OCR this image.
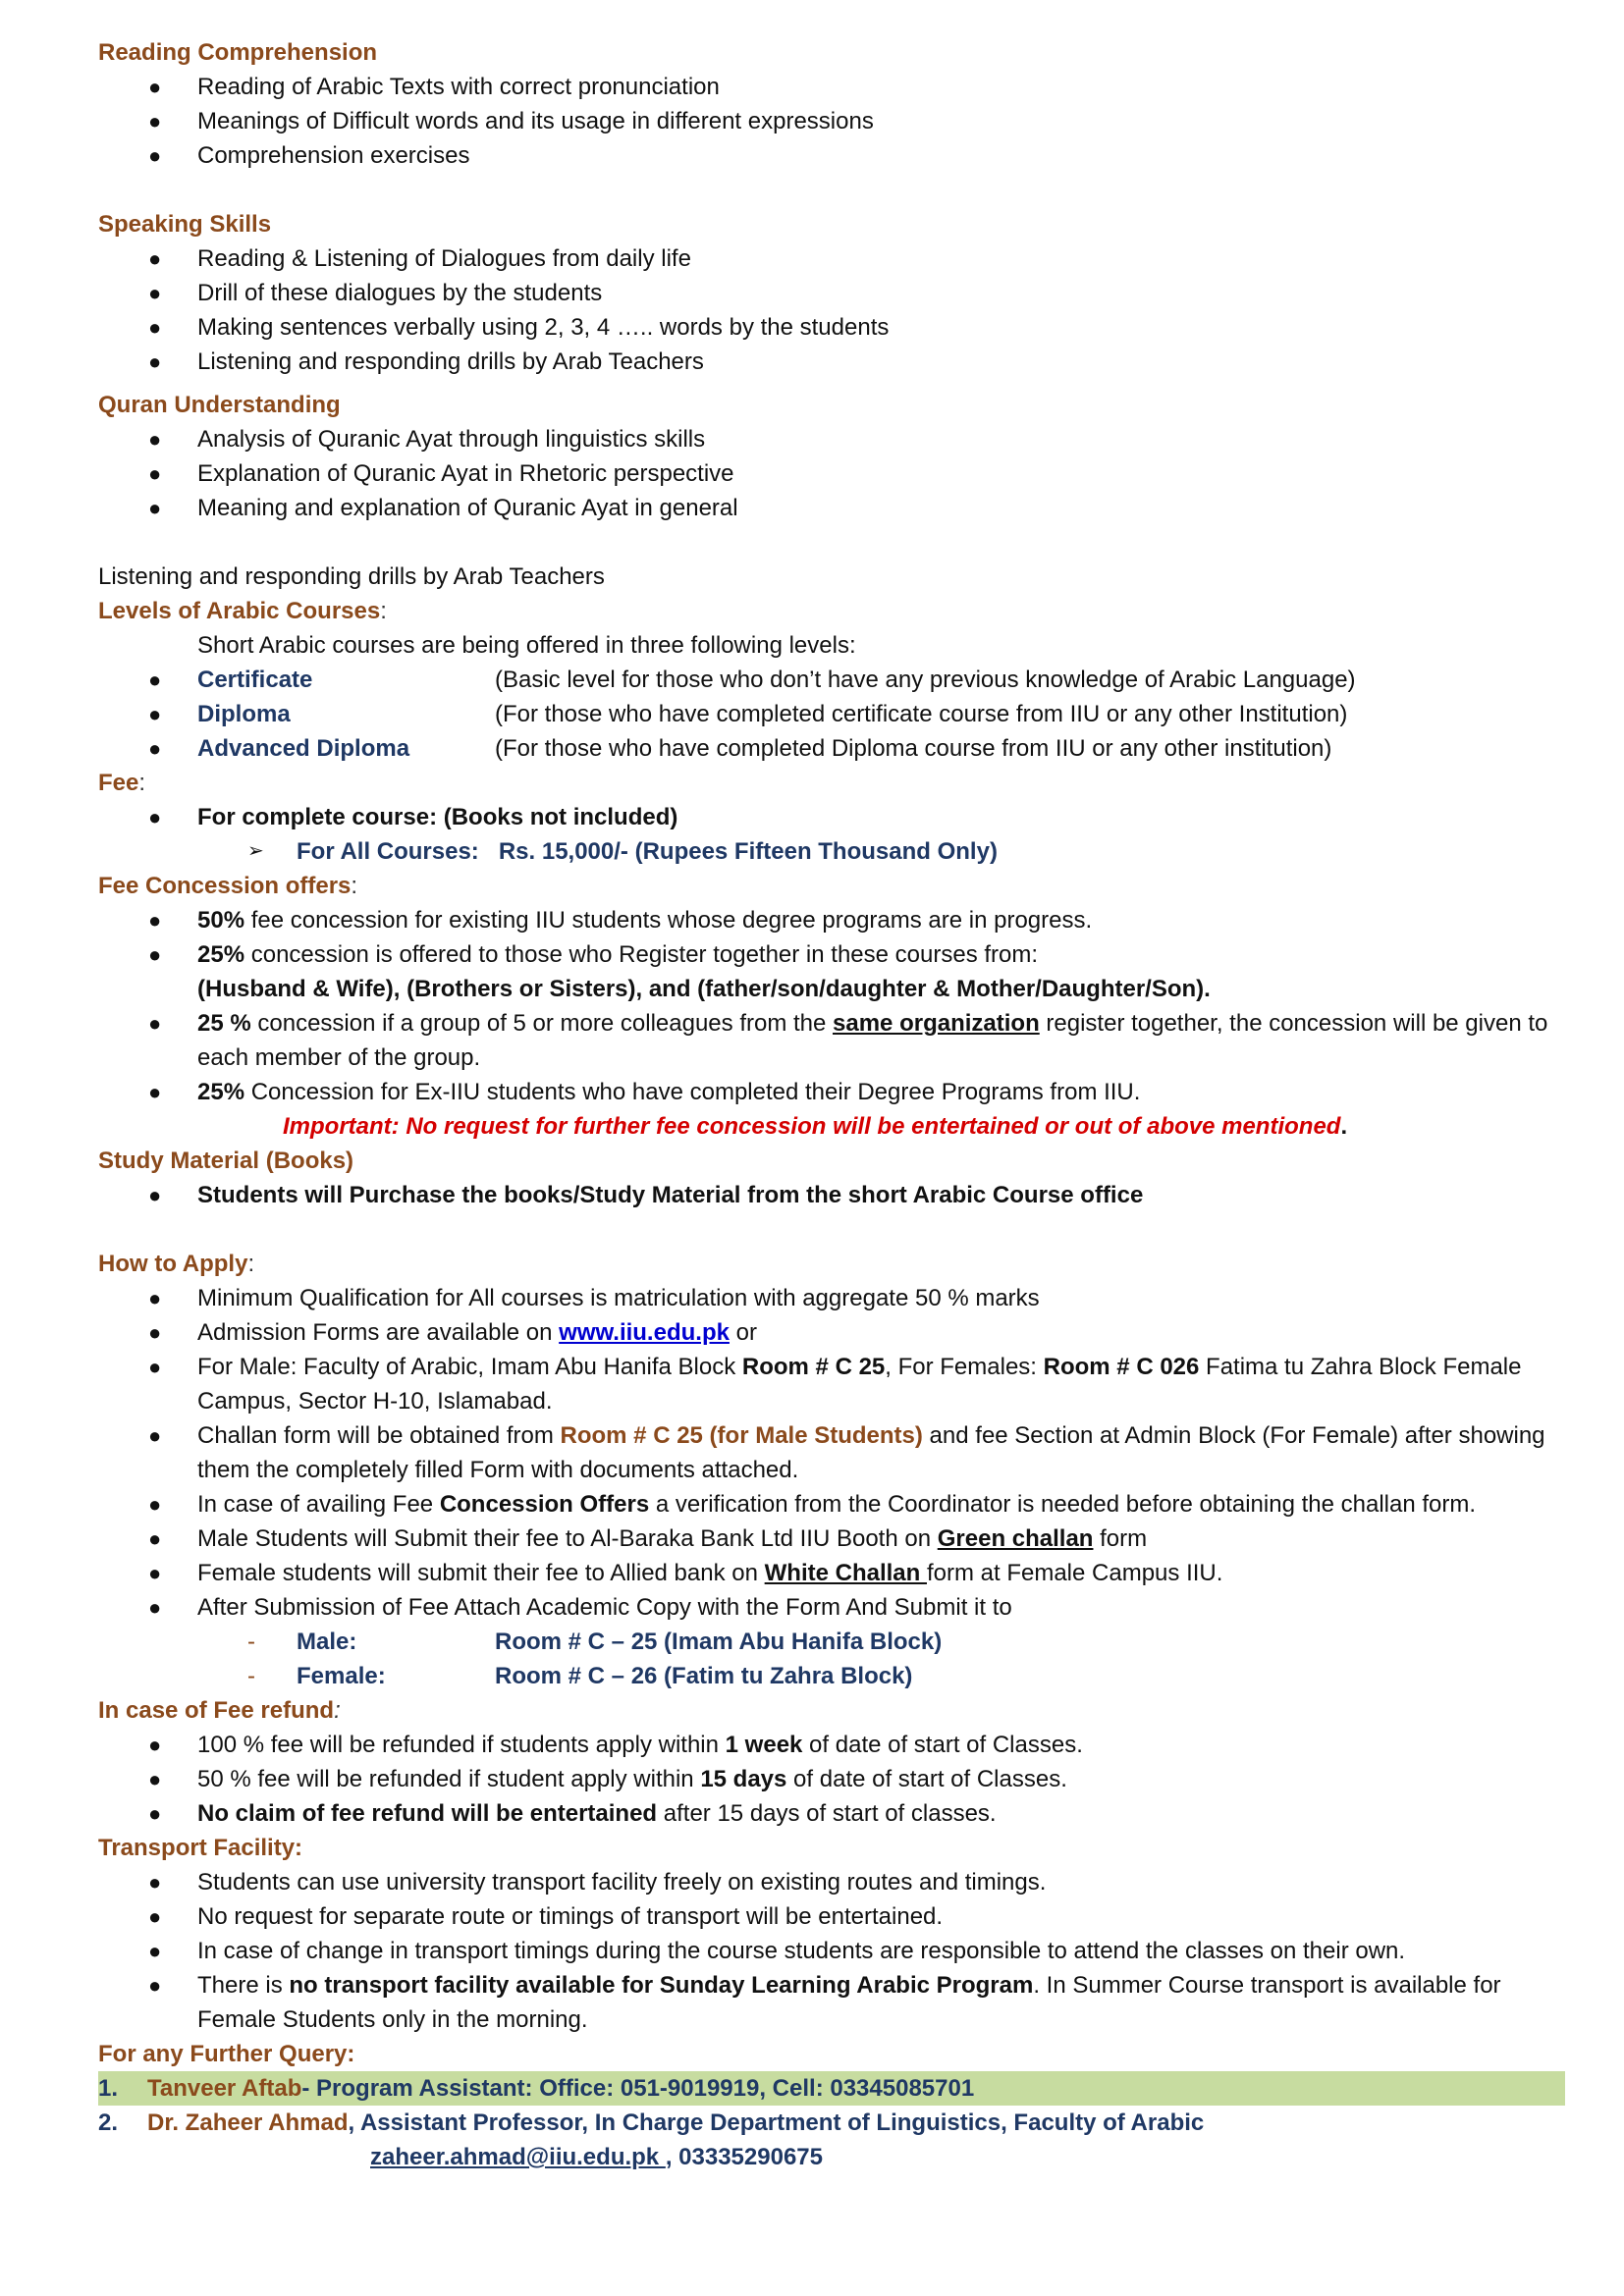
Reading Comprehension
● Reading of Arabic Texts with correct pronunciation
● Meanings of Difficult words and its usage in different expressions
● Comprehension exercises
Speaking Skills
● Reading & Listening of Dialogues from daily life
● Drill of these dialogues by the students
● Making sentences verbally using 2, 3, 4 ….. words by the students
● Listening and responding drills by Arab Teachers
Quran Understanding
● Analysis of Quranic Ayat through linguistics skills
● Explanation of Quranic Ayat in Rhetoric perspective
● Meaning and explanation of Quranic Ayat in general
Listening and responding drills by Arab Teachers
Levels of Arabic Courses:
Short Arabic courses are being offered in three following levels:
● Certificate	(Basic level for those who don’t have any previous knowledge of Arabic Language)
● Diploma	(For those who have completed certificate course from IIU or any other Institution)
● Advanced Diploma	(For those who have completed Diploma course from IIU or any other institution)
Fee:
● For complete course: (Books not included)
➢ For All Courses: Rs. 15,000/- (Rupees Fifteen Thousand Only)
Fee Concession offers:
● 50% fee concession for existing IIU students whose degree programs are in progress.
● 25% concession is offered to those who Register together in these courses from:
(Husband & Wife), (Brothers or Sisters), and (father/son/daughter & Mother/Daughter/Son).
● 25 % concession if a group of 5 or more colleagues from the same organization register together, the concession will be given to each member of the group.
● 25% Concession for Ex-IIU students who have completed their Degree Programs from IIU.
Important: No request for further fee concession will be entertained or out of above mentioned.
Study Material (Books)
● Students will Purchase the books/Study Material from the short Arabic Course office
How to Apply:
● Minimum Qualification for All courses is matriculation with aggregate 50 % marks
● Admission Forms are available on www.iiu.edu.pk or
● For Male: Faculty of Arabic, Imam Abu Hanifa Block Room # C 25, For Females: Room # C 026 Fatima tu Zahra Block Female Campus, Sector H-10, Islamabad.
● Challan form will be obtained from Room # C 25 (for Male Students) and fee Section at Admin Block (For Female) after showing them the completely filled Form with documents attached.
● In case of availing Fee Concession Offers a verification from the Coordinator is needed before obtaining the challan form.
● Male Students will Submit their fee to Al-Baraka Bank Ltd IIU Booth on Green challan form
● Female students will submit their fee to Allied bank on White Challan form at Female Campus IIU.
● After Submission of Fee Attach Academic Copy with the Form And Submit it to
- Male:	Room # C – 25 (Imam Abu Hanifa Block)
- Female:	Room # C – 26 (Fatim tu Zahra Block)
In case of Fee refund:
● 100 % fee will be refunded if students apply within 1 week of date of start of Classes.
● 50 % fee will be refunded if student apply within 15 days of date of start of Classes.
● No claim of fee refund will be entertained after 15 days of start of classes.
Transport Facility:
● Students can use university transport facility freely on existing routes and timings.
● No request for separate route or timings of transport will be entertained.
● In case of change in transport timings during the course students are responsible to attend the classes on their own.
● There is no transport facility available for Sunday Learning Arabic Program. In Summer Course transport is available for Female Students only in the morning.
For any Further Query:
1. Tanveer Aftab- Program Assistant: Office: 051-9019919, Cell: 03345085701
2. Dr. Zaheer Ahmad, Assistant Professor, In Charge Department of Linguistics, Faculty of Arabic
zaheer.ahmad@iiu.edu.pk , 03335290675
